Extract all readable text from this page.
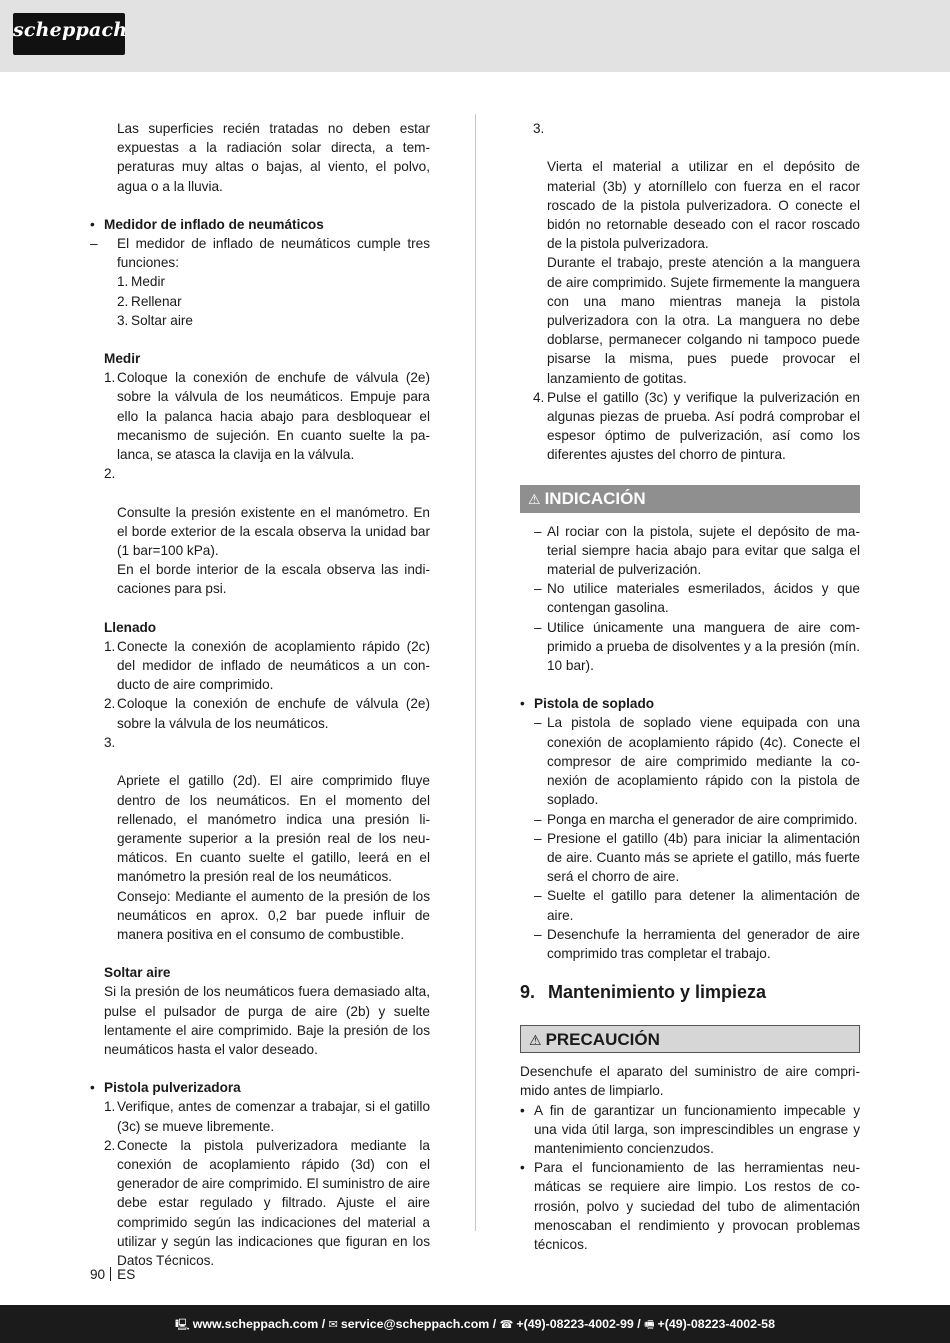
scheppach
Las superficies recién tratadas no deben estar expuestas a la radiación solar directa, a temperaturas muy altas o bajas, al viento, el polvo, agua o a la lluvia.
• Medidor de inflado de neumáticos
– El medidor de inflado de neumáticos cumple tres funciones:
1. Medir
2. Rellenar
3. Soltar aire
Medir
1. Coloque la conexión de enchufe de válvula (2e) sobre la válvula de los neumáticos. Empuje para ello la palanca hacia abajo para desbloquear el mecanismo de sujeción. En cuanto suelte la palanca, se atasca la clavija en la válvula.

2.

Consulte la presión existente en el manómetro. En el borde exterior de la escala observa la unidad bar (1 bar=100 kPa).
En el borde interior de la escala observa las indicaciones para psi.

Llenado
1. Conecte la conexión de acoplamiento rápido (2c) del medidor de inflado de neumáticos a un conducto de aire comprimido.
2. Coloque la conexión de enchufe de válvula (2e) sobre la válvula de los neumáticos.

3.

Apriete el gatillo (2d). El aire comprimido fluye dentro de los neumáticos. En el momento del rellenado, el manómetro indica una presión ligeramente superior a la presión real de los neumáticos. En cuanto suelte el gatillo, leerá en el manómetro la presión real de los neumáticos.
Consejo: Mediante el aumento de la presión de los neumáticos en aprox. 0,2 bar puede influir de manera positiva en el consumo de combustible.

Soltar aire
Si la presión de los neumáticos fuera demasiado alta, pulse el pulsador de purga de aire (2b) y suelte lentamente el aire comprimido. Baje la presión de los neumáticos hasta el valor deseado.
• Pistola pulverizadora
1. Verifique, antes de comenzar a trabajar, si el gatillo (3c) se mueve libremente.
2. Conecte la pistola pulverizadora mediante la conexión de acoplamiento rápido (3d) con el generador de aire comprimido. El suministro de aire debe estar regulado y filtrado. Ajuste el aire comprimido según las indicaciones del material a utilizar y según las indicaciones que figuran en los Datos Técnicos.

3.

Vierta el material a utilizar en el depósito de material (3b) y atorníllelo con fuerza en el racor roscado de la pistola pulverizadora. O conecte el bidón no retornable deseado con el racor roscado de la pistola pulverizadora.
Durante el trabajo, preste atención a la manguera de aire comprimido. Sujete firmemente la manguera con una mano mientras maneja la pistola pulverizadora con la otra. La manguera no debe doblarse, permanecer colgando ni tampoco puede pisarse la misma, pues puede provocar el lanzamiento de gotitas.

4. Pulse el gatillo (3c) y verifique la pulverización en algunas piezas de prueba. Así podrá comprobar el espesor óptimo de pulverización, así como los diferentes ajustes del chorro de pintura.
⚠ INDICACIÓN
– Al rociar con la pistola, sujete el depósito de material siempre hacia abajo para evitar que salga el material de pulverización.
– No utilice materiales esmerilados, ácidos y que contengan gasolina.
– Utilice únicamente una manguera de aire comprimido a prueba de disolventes y a la presión (mín. 10 bar).
• Pistola de soplado
– La pistola de soplado viene equipada con una conexión de acoplamiento rápido (4c). Conecte el compresor de aire comprimido mediante la conexión de acoplamiento rápido con la pistola de soplado.
– Ponga en marcha el generador de aire comprimido.
– Presione el gatillo (4b) para iniciar la alimentación de aire. Cuanto más se apriete el gatillo, más fuerte será el chorro de aire.
– Suelte el gatillo para detener la alimentación de aire.
– Desenchufe la herramienta del generador de aire comprimido tras completar el trabajo.
9. Mantenimiento y limpieza
⚠ PRECAUCIÓN
Desenchufe el aparato del suministro de aire comprimido antes de limpiarlo.
• A fin de garantizar un funcionamiento impecable y una vida útil larga, son imprescindibles un engrase y mantenimiento concienzudos.
• Para el funcionamiento de las herramientas neumáticas se requiere aire limpio. Los restos de corrosión, polvo y suciedad del tubo de alimentación menoscaban el rendimiento y provocan problemas técnicos.
90 ES
🖳 www.scheppach.com / ✉ service@scheppach.com / ☎ +(49)-08223-4002-99 / 🖷 +(49)-08223-4002-58
